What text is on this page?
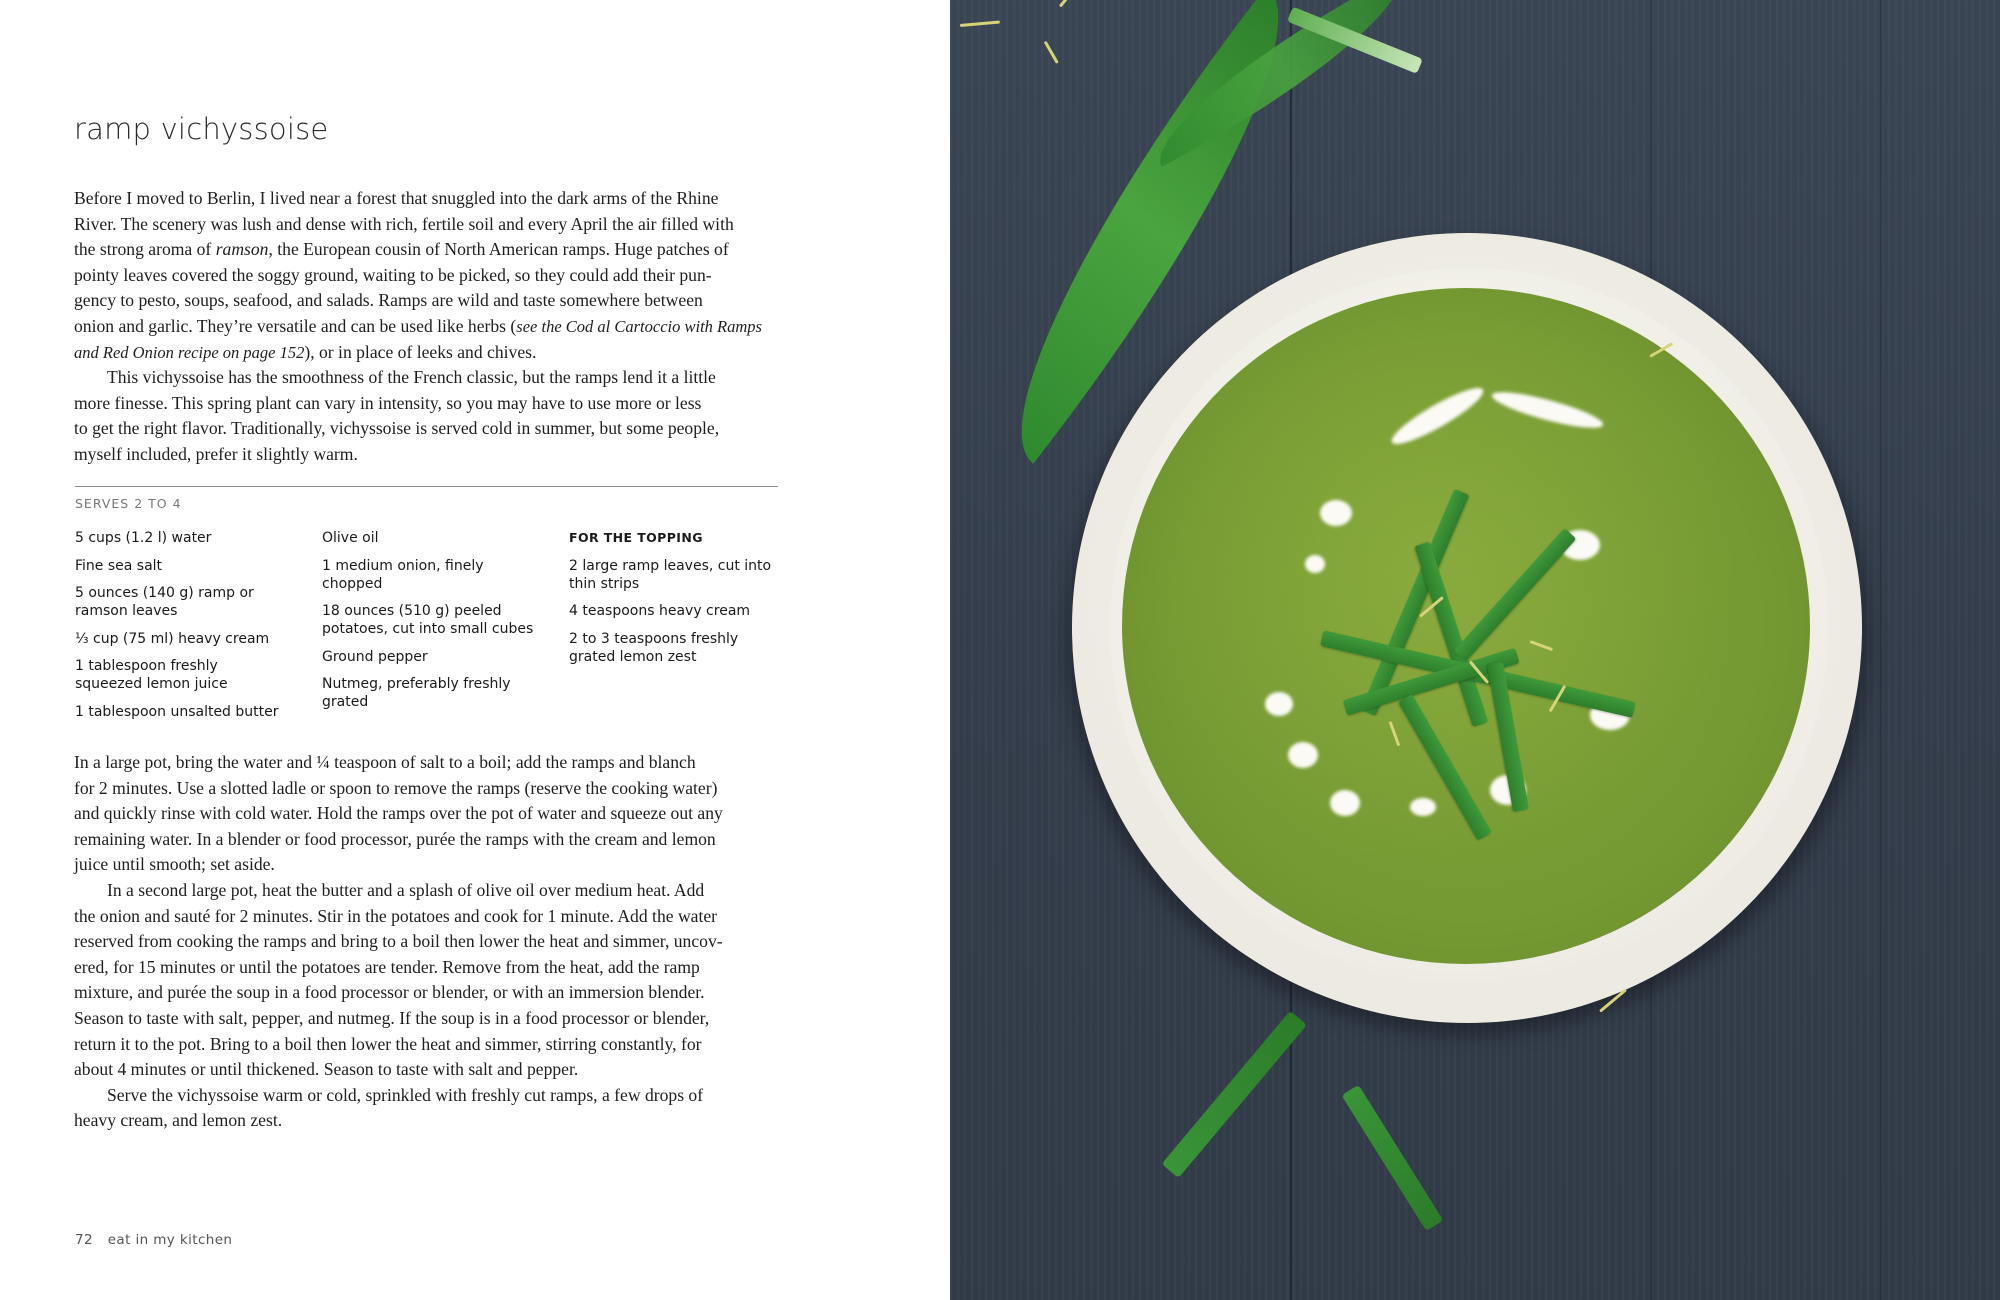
ramp vichyssoise

Before I moved to Berlin, I lived near a forest that snuggled into the dark arms of the Rhine
River. The scenery was lush and dense with rich, fertile soil and every April the air filled with
the strong aroma of ramson, the European cousin of North American ramps. Huge patches of
pointy leaves covered the soggy ground, waiting to be picked, so they could add their pun-
gency to pesto, soups, seafood, and salads. Ramps are wild and taste somewhere between
onion and garlic. They’re versatile and can be used like herbs (see the Cod al Cartoccio with Ramps
and Red Onion recipe on page 152), or in place of leeks and chives.

This vichyssoise has the smoothness of the French classic, but the ramps lend it a little
more finesse. This spring plant can vary in intensity, so you may have to use more or less
to get the right flavor. Traditionally, vichyssoise is served cold in summer, but some people,
myself included, prefer it slightly warm.

SERVES 2 TO 4

5 cups (1.2 l) water

Fine sea salt

5 ounces (140 g) ramp or ramson leaves

⅓ cup (75 ml) heavy cream

1 tablespoon freshly squeezed lemon juice

1 tablespoon unsalted butter

Olive oil

1 medium onion, finely chopped

18 ounces (510 g) peeled potatoes, cut into small cubes

Ground pepper

Nutmeg, preferably freshly grated

FOR THE TOPPING

2 large ramp leaves, cut into thin strips

4 teaspoons heavy cream

2 to 3 teaspoons freshly grated lemon zest

In a large pot, bring the water and ¼ teaspoon of salt to a boil; add the ramps and blanch
for 2 minutes. Use a slotted ladle or spoon to remove the ramps (reserve the cooking water)
and quickly rinse with cold water. Hold the ramps over the pot of water and squeeze out any
remaining water. In a blender or food processor, purée the ramps with the cream and lemon
juice until smooth; set aside.

In a second large pot, heat the butter and a splash of olive oil over medium heat. Add
the onion and sauté for 2 minutes. Stir in the potatoes and cook for 1 minute. Add the water
reserved from cooking the ramps and bring to a boil then lower the heat and simmer, uncov-
ered, for 15 minutes or until the potatoes are tender. Remove from the heat, add the ramp
mixture, and purée the soup in a food processor or blender, or with an immersion blender.
Season to taste with salt, pepper, and nutmeg. If the soup is in a food processor or blender,
return it to the pot. Bring to a boil then lower the heat and simmer, stirring constantly, for
about 4 minutes or until thickened. Season to taste with salt and pepper.

Serve the vichyssoise warm or cold, sprinkled with freshly cut ramps, a few drops of
heavy cream, and lemon zest.

72 eat in my kitchen
